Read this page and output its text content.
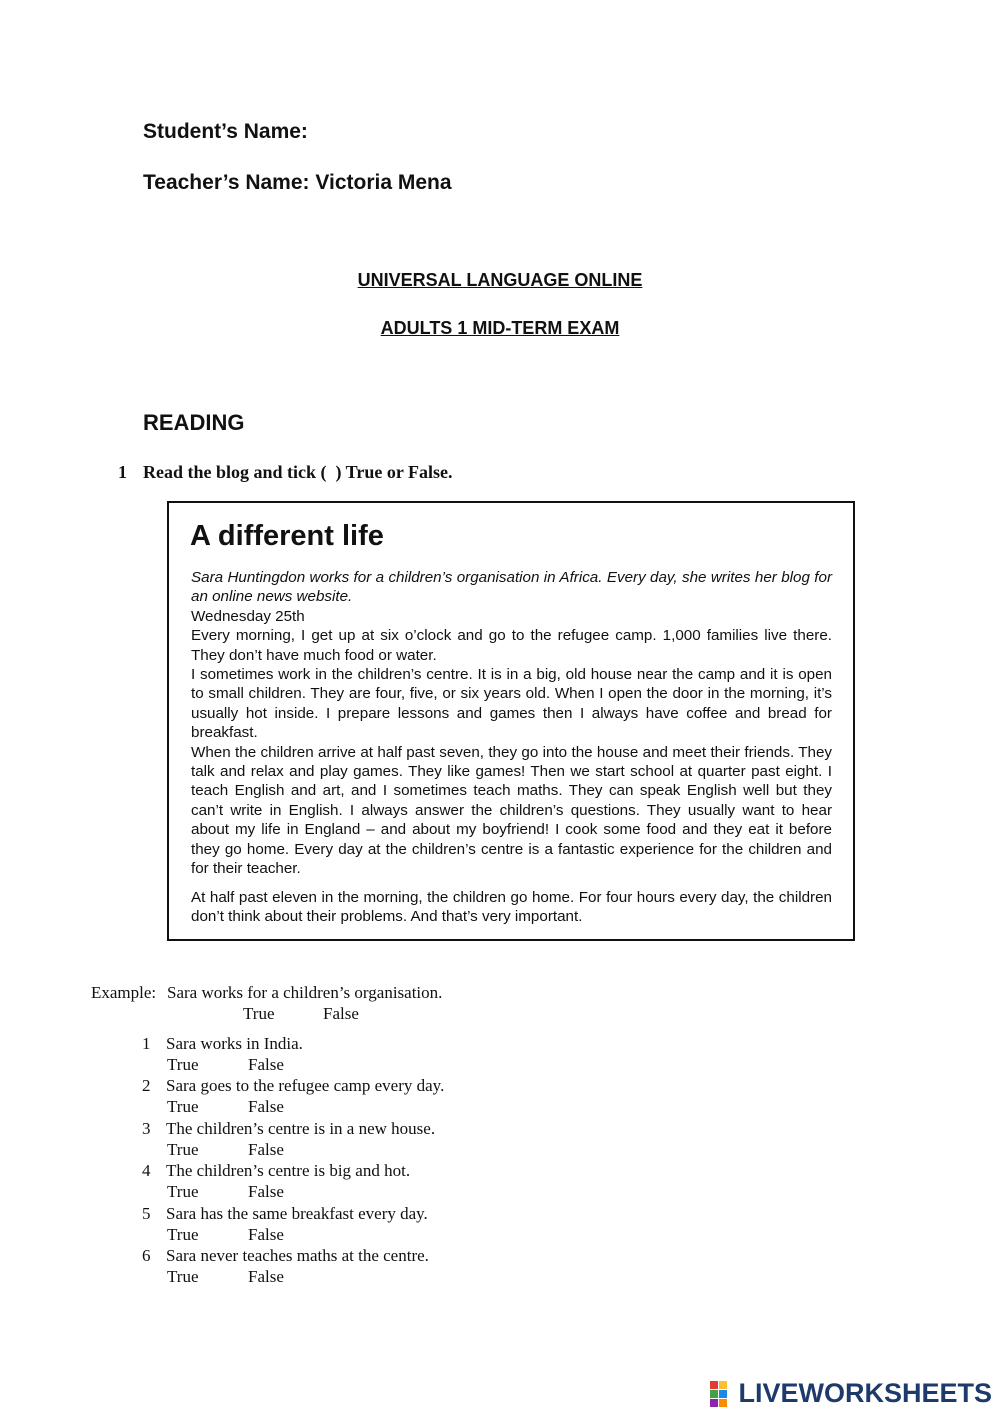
Student’s Name:
Teacher’s Name: Victoria Mena
UNIVERSAL LANGUAGE ONLINE
ADULTS 1 MID-TERM EXAM
READING
1 Read the blog and tick (  ) True or False.
A different life

Sara Huntingdon works for a children’s organisation in Africa. Every day, she writes her blog for an online news website.

Wednesday 25th

Every morning, I get up at six o’clock and go to the refugee camp. 1,000 families live there. They don’t have much food or water.

I sometimes work in the children’s centre. It is in a big, old house near the camp and it is open to small children. They are four, five, or six years old. When I open the door in the morning, it’s usually hot inside. I prepare lessons and games then I always have coffee and bread for breakfast.

When the children arrive at half past seven, they go into the house and meet their friends. They talk and relax and play games. They like games! Then we start school at quarter past eight. I teach English and art, and I sometimes teach maths. They can speak English well but they can’t write in English. I always answer the children’s questions. They usually want to hear about my life in England – and about my boyfriend! I cook some food and they eat it before they go home. Every day at the children’s centre is a fantastic experience for the children and for their teacher.

At half past eleven in the morning, the children go home. For four hours every day, the children don’t think about their problems. And that’s very important.

Example: Sara works for a children’s organisation.
True	False
1 Sara works in India.
True	False
2 Sara goes to the refugee camp every day.
True	False
3 The children’s centre is in a new house.
True	False
4 The children’s centre is big and hot.
True	False
5 Sara has the same breakfast every day.
True	False
6 Sara never teaches maths at the centre.
True	False
LIVEWORKSHEETS
